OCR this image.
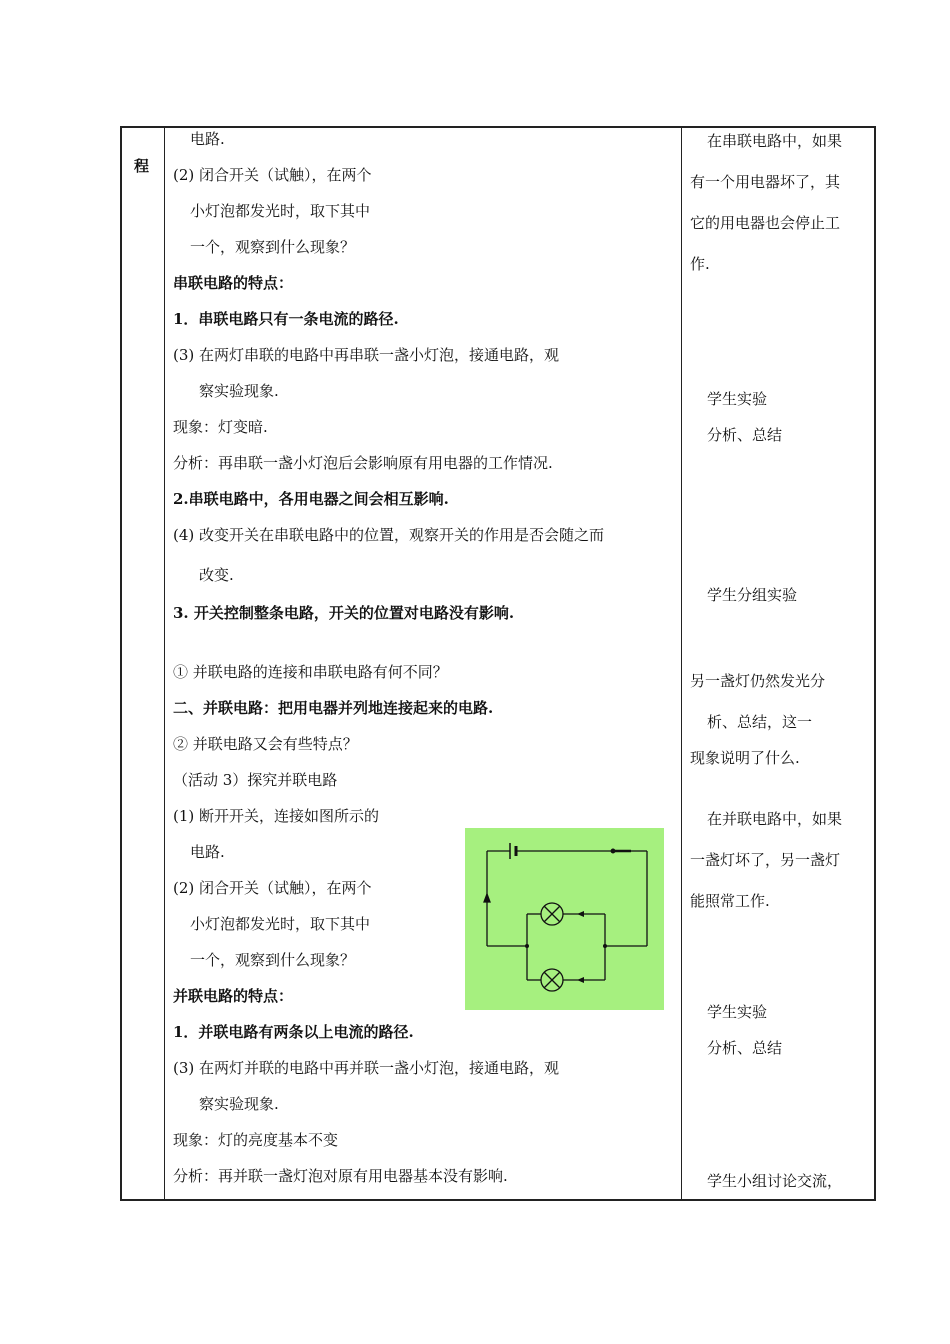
程
电路.
(2) 闭合开关（试触），在两个
小灯泡都发光时，取下其中
一个，观察到什么现象？
串联电路的特点：
1．串联电路只有一条电流的路径.
(3) 在两灯串联的电路中再串联一盏小灯泡，接通电路，观
察实验现象.
现象：灯变暗.
分析：再串联一盏小灯泡后会影响原有用电器的工作情况.
2.串联电路中，各用电器之间会相互影响.
(4) 改变开关在串联电路中的位置，观察开关的作用是否会随之而
改变.
3. 开关控制整条电路，开关的位置对电路没有影响.
① 并联电路的连接和串联电路有何不同？
二、并联电路：把用电器并列地连接起来的电路.
② 并联电路又会有些特点？
（活动 3）探究并联电路
(1) 断开开关，连接如图所示的
电路.
(2) 闭合开关（试触），在两个
小灯泡都发光时，取下其中
一个，观察到什么现象？
并联电路的特点：
1．并联电路有两条以上电流的路径.
(3) 在两灯并联的电路中再并联一盏小灯泡，接通电路，观
察实验现象.
现象：灯的亮度基本不变
分析：再并联一盏灯泡对原有用电器基本没有影响.
在串联电路中，如果
有一个用电器坏了，其
它的用电器也会停止工
作.
学生实验
分析、总结
学生分组实验
另一盏灯仍然发光分
析、总结，这一
现象说明了什么.
在并联电路中，如果
一盏灯坏了，另一盏灯
能照常工作.
学生实验
分析、总结
学生小组讨论交流，
